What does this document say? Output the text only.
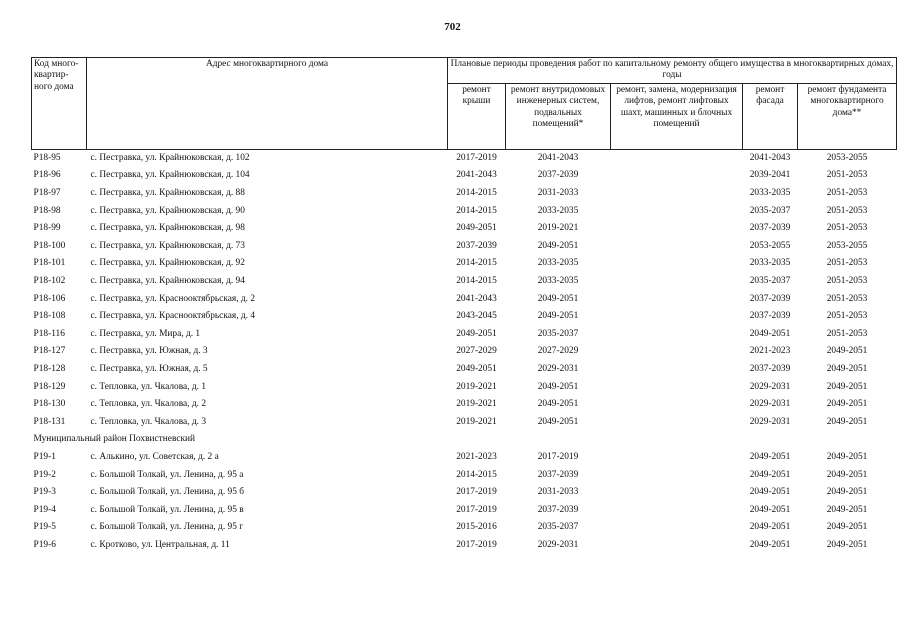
702
Код много-квартир-ного дома	Адрес многоквартирного дома	Плановые периоды проведения работ по капитальному ремонту общего имущества в многоквартирных домах, годы				
		ремонт крыши	ремонт внутридомовых инженерных систем, подвальных помещений*	ремонт, замена, модернизация лифтов, ремонт лифтовых шахт, машинных и блочных помещений	ремонт фасада	ремонт фундамента многоквартирного дома**
P18-95	с. Пестравка, ул. Крайнюковская, д. 102	2017-2019	2041-2043		2041-2043	2053-2055
P18-96	с. Пестравка, ул. Крайнюковская, д. 104	2041-2043	2037-2039		2039-2041	2051-2053
P18-97	с. Пестравка, ул. Крайнюковская, д. 88	2014-2015	2031-2033		2033-2035	2051-2053
P18-98	с. Пестравка, ул. Крайнюковская, д. 90	2014-2015	2033-2035		2035-2037	2051-2053
P18-99	с. Пестравка, ул. Крайнюковская, д. 98	2049-2051	2019-2021		2037-2039	2051-2053
P18-100	с. Пестравка, ул. Крайнюковская, д. 73	2037-2039	2049-2051		2053-2055	2053-2055
P18-101	с. Пестравка, ул. Крайнюковская, д. 92	2014-2015	2033-2035		2033-2035	2051-2053
P18-102	с. Пестравка, ул. Крайнюковская, д. 94	2014-2015	2033-2035		2035-2037	2051-2053
P18-106	с. Пестравка, ул. Краснооктябрьская, д. 2	2041-2043	2049-2051		2037-2039	2051-2053
P18-108	с. Пестравка, ул. Краснооктябрьская, д. 4	2043-2045	2049-2051		2037-2039	2051-2053
P18-116	с. Пестравка, ул. Мира, д. 1	2049-2051	2035-2037		2049-2051	2051-2053
P18-127	с. Пестравка, ул. Южная, д. 3	2027-2029	2027-2029		2021-2023	2049-2051
P18-128	с. Пестравка, ул. Южная, д. 5	2049-2051	2029-2031		2037-2039	2049-2051
P18-129	с. Тепловка, ул. Чкалова, д. 1	2019-2021	2049-2051		2029-2031	2049-2051
P18-130	с. Тепловка, ул. Чкалова, д. 2	2019-2021	2049-2051		2029-2031	2049-2051
P18-131	с. Тепловка, ул. Чкалова, д. 3	2019-2021	2049-2051		2029-2031	2049-2051
Муниципальный район Похвистневский						
P19-1	с. Алькино, ул. Советская, д. 2 а	2021-2023	2017-2019		2049-2051	2049-2051
P19-2	с. Большой Толкай, ул. Ленина, д. 95 а	2014-2015	2037-2039		2049-2051	2049-2051
P19-3	с. Большой Толкай, ул. Ленина, д. 95 б	2017-2019	2031-2033		2049-2051	2049-2051
P19-4	с. Большой Толкай, ул. Ленина, д. 95 в	2017-2019	2037-2039		2049-2051	2049-2051
P19-5	с. Большой Толкай, ул. Ленина, д. 95 г	2015-2016	2035-2037		2049-2051	2049-2051
P19-6	с. Кротково, ул. Центральная, д. 11	2017-2019	2029-2031		2049-2051	2049-2051
